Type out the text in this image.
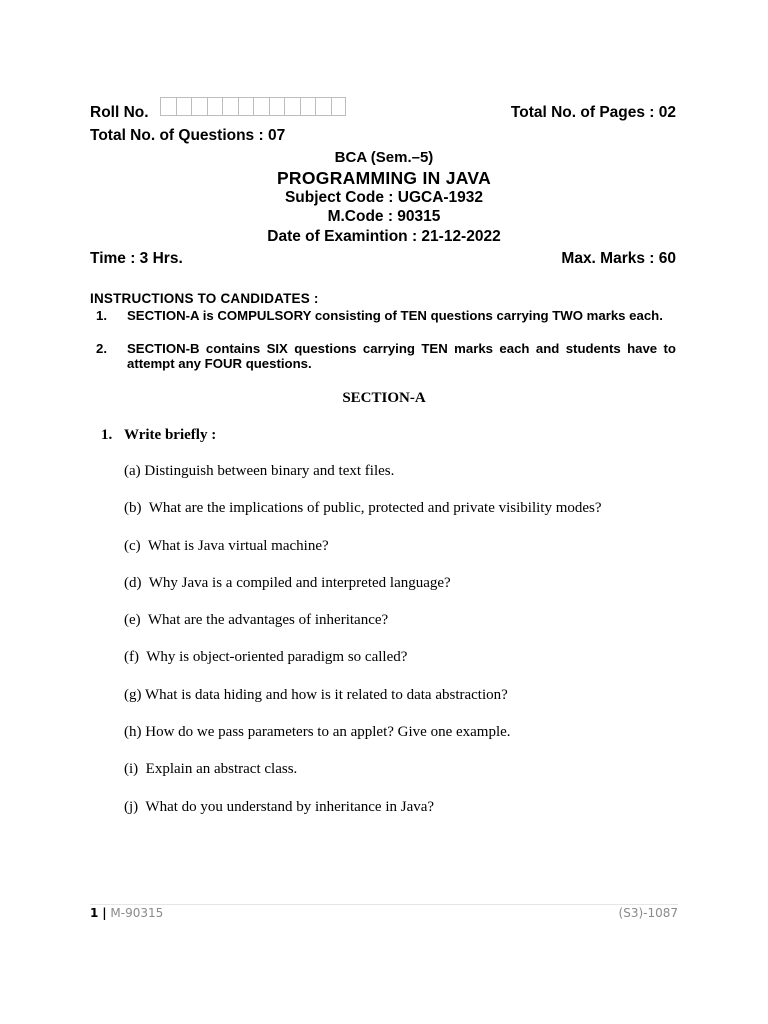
Roll No.	Total No. of Pages : 02
Total No. of Questions : 07
BCA (Sem.–5)
PROGRAMMING IN JAVA
Subject Code : UGCA-1932
M.Code : 90315
Date of Examintion : 21-12-2022
Time : 3 Hrs.	Max. Marks : 60
INSTRUCTIONS TO CANDIDATES :
1.	SECTION-A is COMPULSORY consisting of TEN questions carrying TWO marks each.
2.	SECTION-B contains SIX questions carrying TEN marks each and students have to attempt any FOUR questions.
SECTION-A
1. Write briefly :
(a) Distinguish between binary and text files.
(b) What are the implications of public, protected and private visibility modes?
(c) What is Java virtual machine?
(d) Why Java is a compiled and interpreted language?
(e) What are the advantages of inheritance?
(f) Why is object-oriented paradigm so called?
(g) What is data hiding and how is it related to data abstraction?
(h) How do we pass parameters to an applet? Give one example.
(i) Explain an abstract class.
(j) What do you understand by inheritance in Java?
1 | M-90315	(S3)-1087
